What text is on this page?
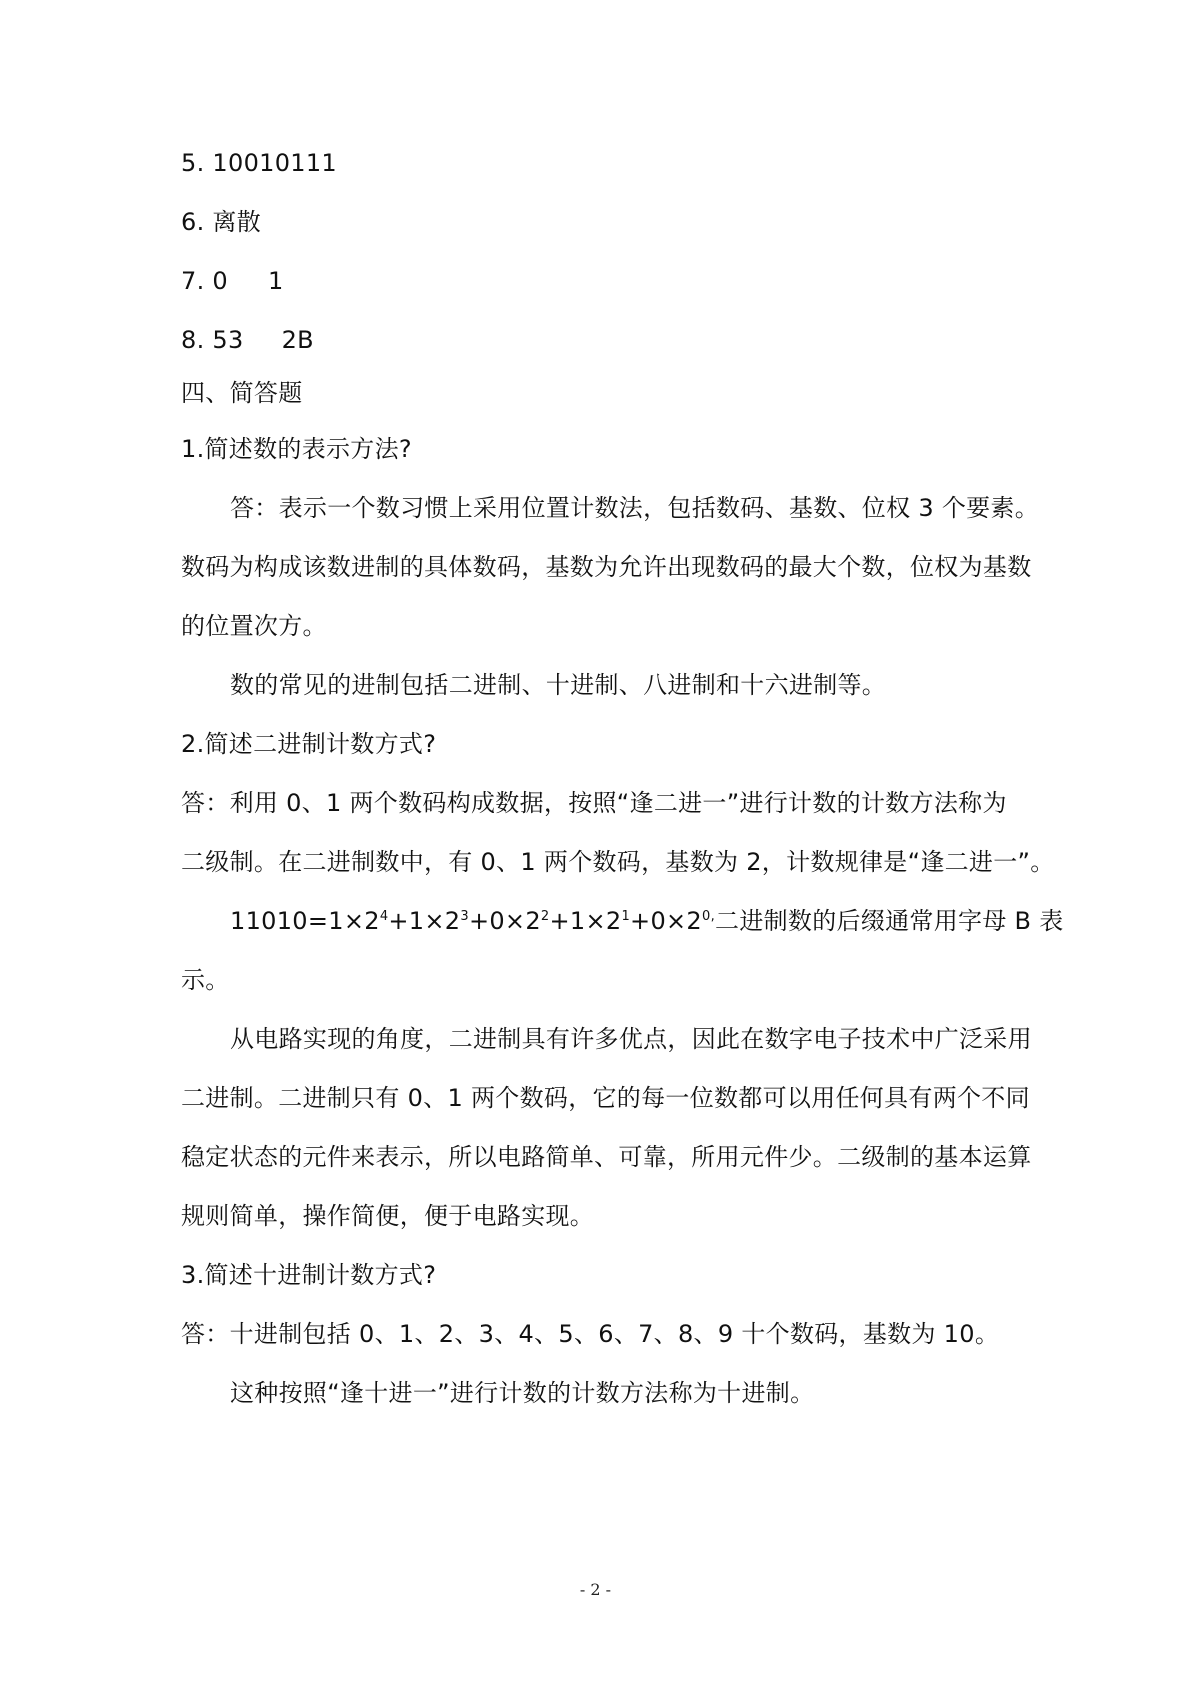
5. 10010111
6. 离散
7. 0 1
8. 53 2B
四、简答题
1.简述数的表示方法?
答：表示一个数习惯上采用位置计数法，包括数码、基数、位权 3 个要素。
数码为构成该数进制的具体数码，基数为允许出现数码的最大个数，位权为基数
的位置次方。
数的常见的进制包括二进制、十进制、八进制和十六进制等。
2.简述二进制计数方式?
答：利用 0、1 两个数码构成数据，按照“逢二进一”进行计数的计数方法称为
二级制。在二进制数中，有 0、1 两个数码，基数为 2，计数规律是“逢二进一”。
$11010=1\times 2^4+1\times 2^3+0\times 2^2+1\times 2^1+0\times 2^{0,}$二进制数的后缀通常用字母 B 表
示。
从电路实现的角度，二进制具有许多优点，因此在数字电子技术中广泛采用
二进制。二进制只有 0、1 两个数码，它的每一位数都可以用任何具有两个不同
稳定状态的元件来表示，所以电路简单、可靠，所用元件少。二级制的基本运算
规则简单，操作简便，便于电路实现。
3.简述十进制计数方式?
答：十进制包括 0、1、2、3、4、5、6、7、8、9 十个数码，基数为 10。
这种按照“逢十进一”进行计数的计数方法称为十进制。
- 2 -
